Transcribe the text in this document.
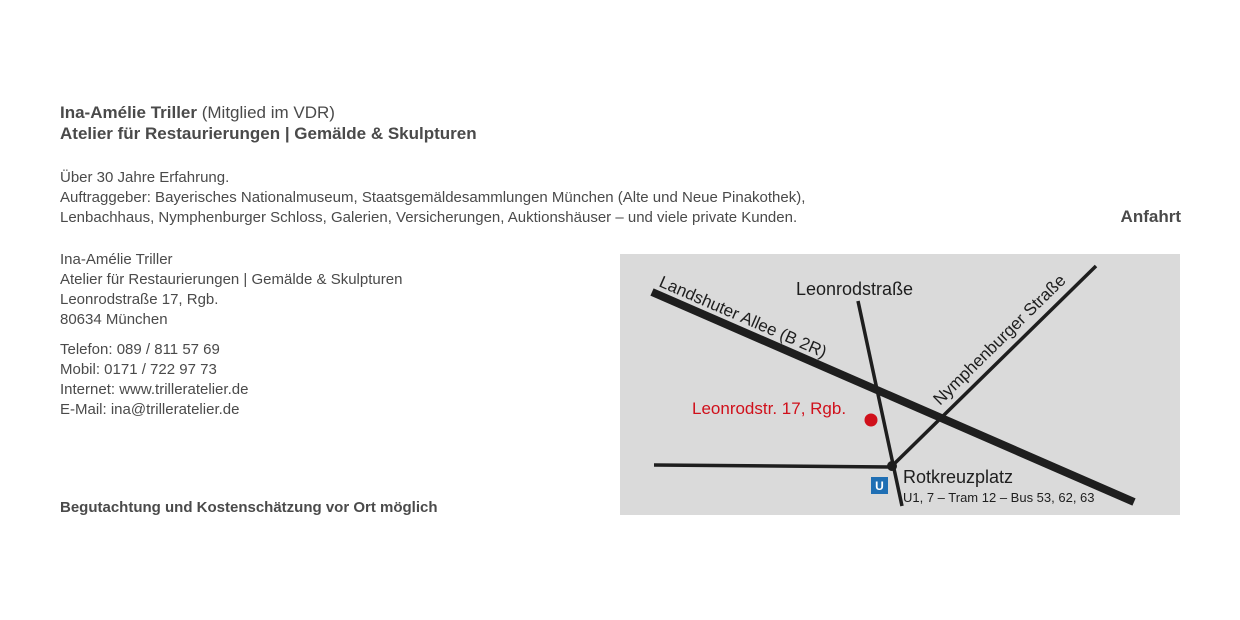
Ina-Amélie Triller (Mitglied im VDR)

Atelier für Restaurierungen | Gemälde & Skulpturen

Über 30 Jahre Erfahrung.

Auftraggeber: Bayerisches Nationalmuseum, Staatsgemäldesammlungen München (Alte und Neue Pinakothek),

Lenbachhaus, Nymphenburger Schloss, Galerien, Versicherungen, Auktionshäuser – und viele private Kunden.

Ina-Amélie Triller

Atelier für Restaurierungen | Gemälde & Skulpturen

Leonrodstraße 17, Rgb.

80634 München

Telefon: 089 / 811 57 69

Mobil: 0171 / 722 97 73

Internet: www.trilleratelier.de

E-Mail: ina@trilleratelier.de

Begutachtung und Kostenschätzung vor Ort möglich
Anfahrt
Landshuter Allee (B 2R)
Leonrodstraße Nymphenburger Straße
Leonrodstr. 17, Rgb.
U Rotkreuzplatz
U1, 7 – Tram 12 – Bus 53, 62, 63
